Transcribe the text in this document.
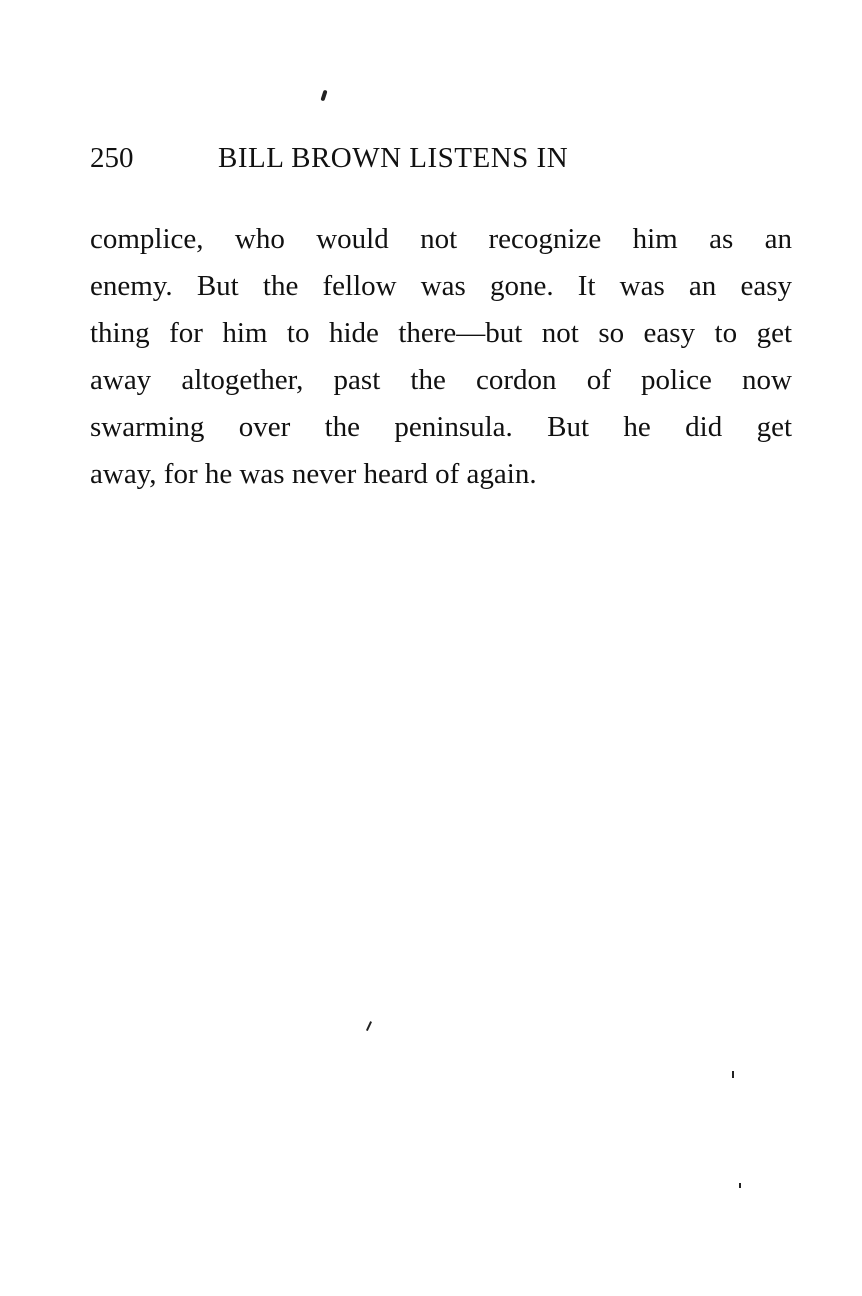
250	BILL BROWN LISTENS IN

complice, who would not recognize him as an
enemy. But the fellow was gone. It was an easy
thing for him to hide there—but not so easy to get
away altogether, past the cordon of police now
swarming over the peninsula. But he did get
away, for he was never heard of again.
